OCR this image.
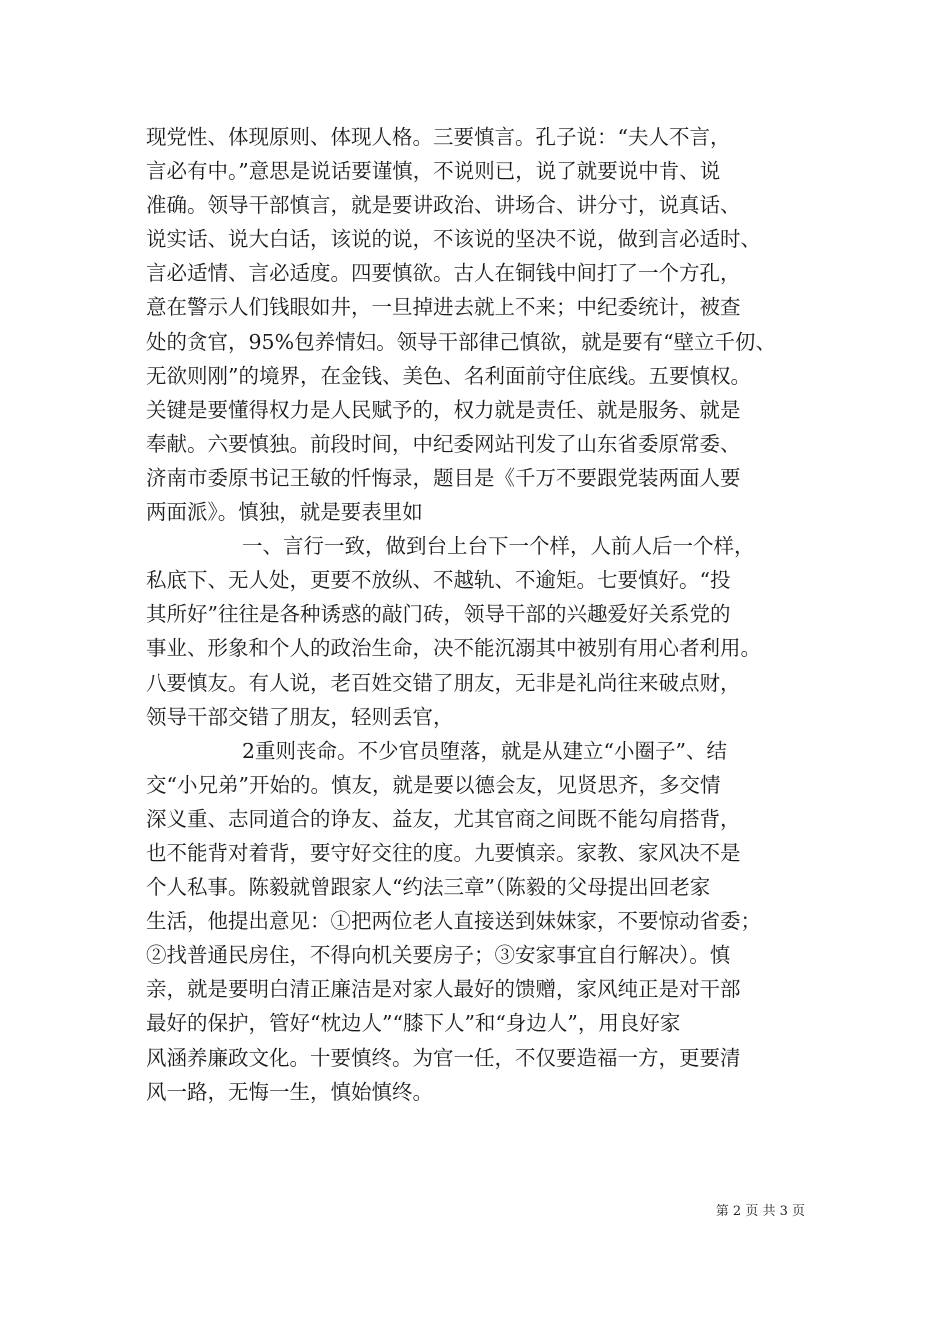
现党性、体现原则、体现人格。三要慎言。孔子说：“夫人不言，
言必有中。”意思是说话要谨慎，不说则已，说了就要说中肯、说
准确。领导干部慎言，就是要讲政治、讲场合、讲分寸，说真话、
说实话、说大白话，该说的说，不该说的坚决不说，做到言必适时、
言必适情、言必适度。四要慎欲。古人在铜钱中间打了一个方孔，
意在警示人们钱眼如井，一旦掉进去就上不来；中纪委统计，被查
处的贪官，95%包养情妇。领导干部律己慎欲，就是要有“壁立千仞、
无欲则刚”的境界，在金钱、美色、名利面前守住底线。五要慎权。
关键是要懂得权力是人民赋予的，权力就是责任、就是服务、就是
奉献。六要慎独。前段时间，中纪委网站刊发了山东省委原常委、
济南市委原书记王敏的忏悔录，题目是《千万不要跟党装两面人要
两面派》。慎独，就是要表里如
一、言行一致，做到台上台下一个样，人前人后一个样，
私底下、无人处，更要不放纵、不越轨、不逾矩。七要慎好。“投
其所好”往往是各种诱惑的敲门砖，领导干部的兴趣爱好关系党的
事业、形象和个人的政治生命，决不能沉溺其中被别有用心者利用。
八要慎友。有人说，老百姓交错了朋友，无非是礼尚往来破点财，
领导干部交错了朋友，轻则丢官，
2重则丧命。不少官员堕落，就是从建立“小圈子”、结
交“小兄弟”开始的。慎友，就是要以德会友，见贤思齐，多交情
深义重、志同道合的诤友、益友，尤其官商之间既不能勾肩搭背，
也不能背对着背，要守好交往的度。九要慎亲。家教、家风决不是
个人私事。陈毅就曾跟家人“约法三章”（陈毅的父母提出回老家
生活，他提出意见：①把两位老人直接送到妹妹家，不要惊动省委；
②找普通民房住，不得向机关要房子；③安家事宜自行解决）。慎
亲，就是要明白清正廉洁是对家人最好的馈赠，家风纯正是对干部
最好的保护，管好“枕边人”“膝下人”和“身边人”，用良好家
风涵养廉政文化。十要慎终。为官一任，不仅要造福一方，更要清
风一路，无悔一生，慎始慎终。
第 2 页 共 3 页
